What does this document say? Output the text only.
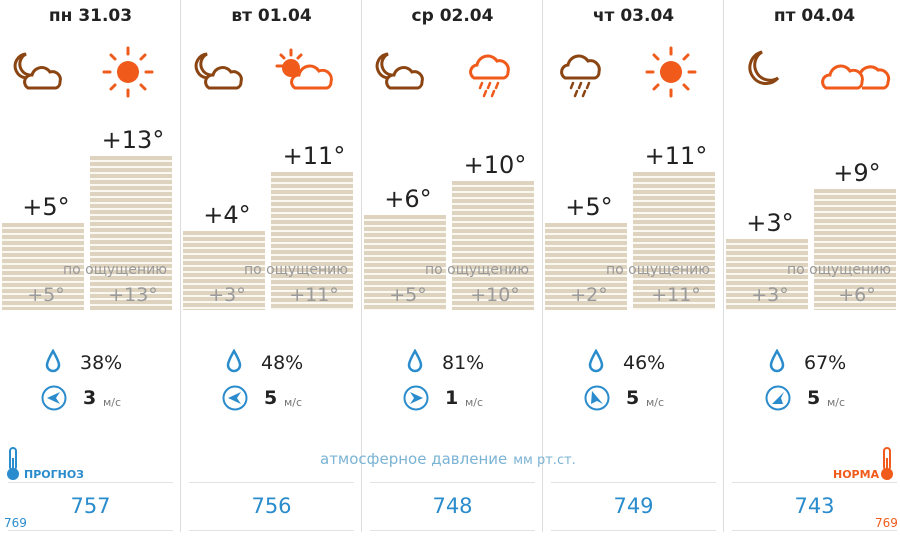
пн 31.03
+5°
+13°
по ощущению
+5°	+13°
38%
3 м/с
757
вт 01.04
+4°
+11°
по ощущению
+3°	+11°
48%
5 м/с
756
ср 02.04
+6°
+10°
по ощущению
+5°	+10°
81%
1 м/с
748
чт 03.04
+5°
+11°
по ощущению
+2°	+11°
46%
5 м/с
749
пт 04.04
+3°
+9°
по ощущению
+3°	+6°
67%
5 м/с
743
атмосферное давление мм рт.ст.
ПРОГНОЗ
769
НОРМА
769
